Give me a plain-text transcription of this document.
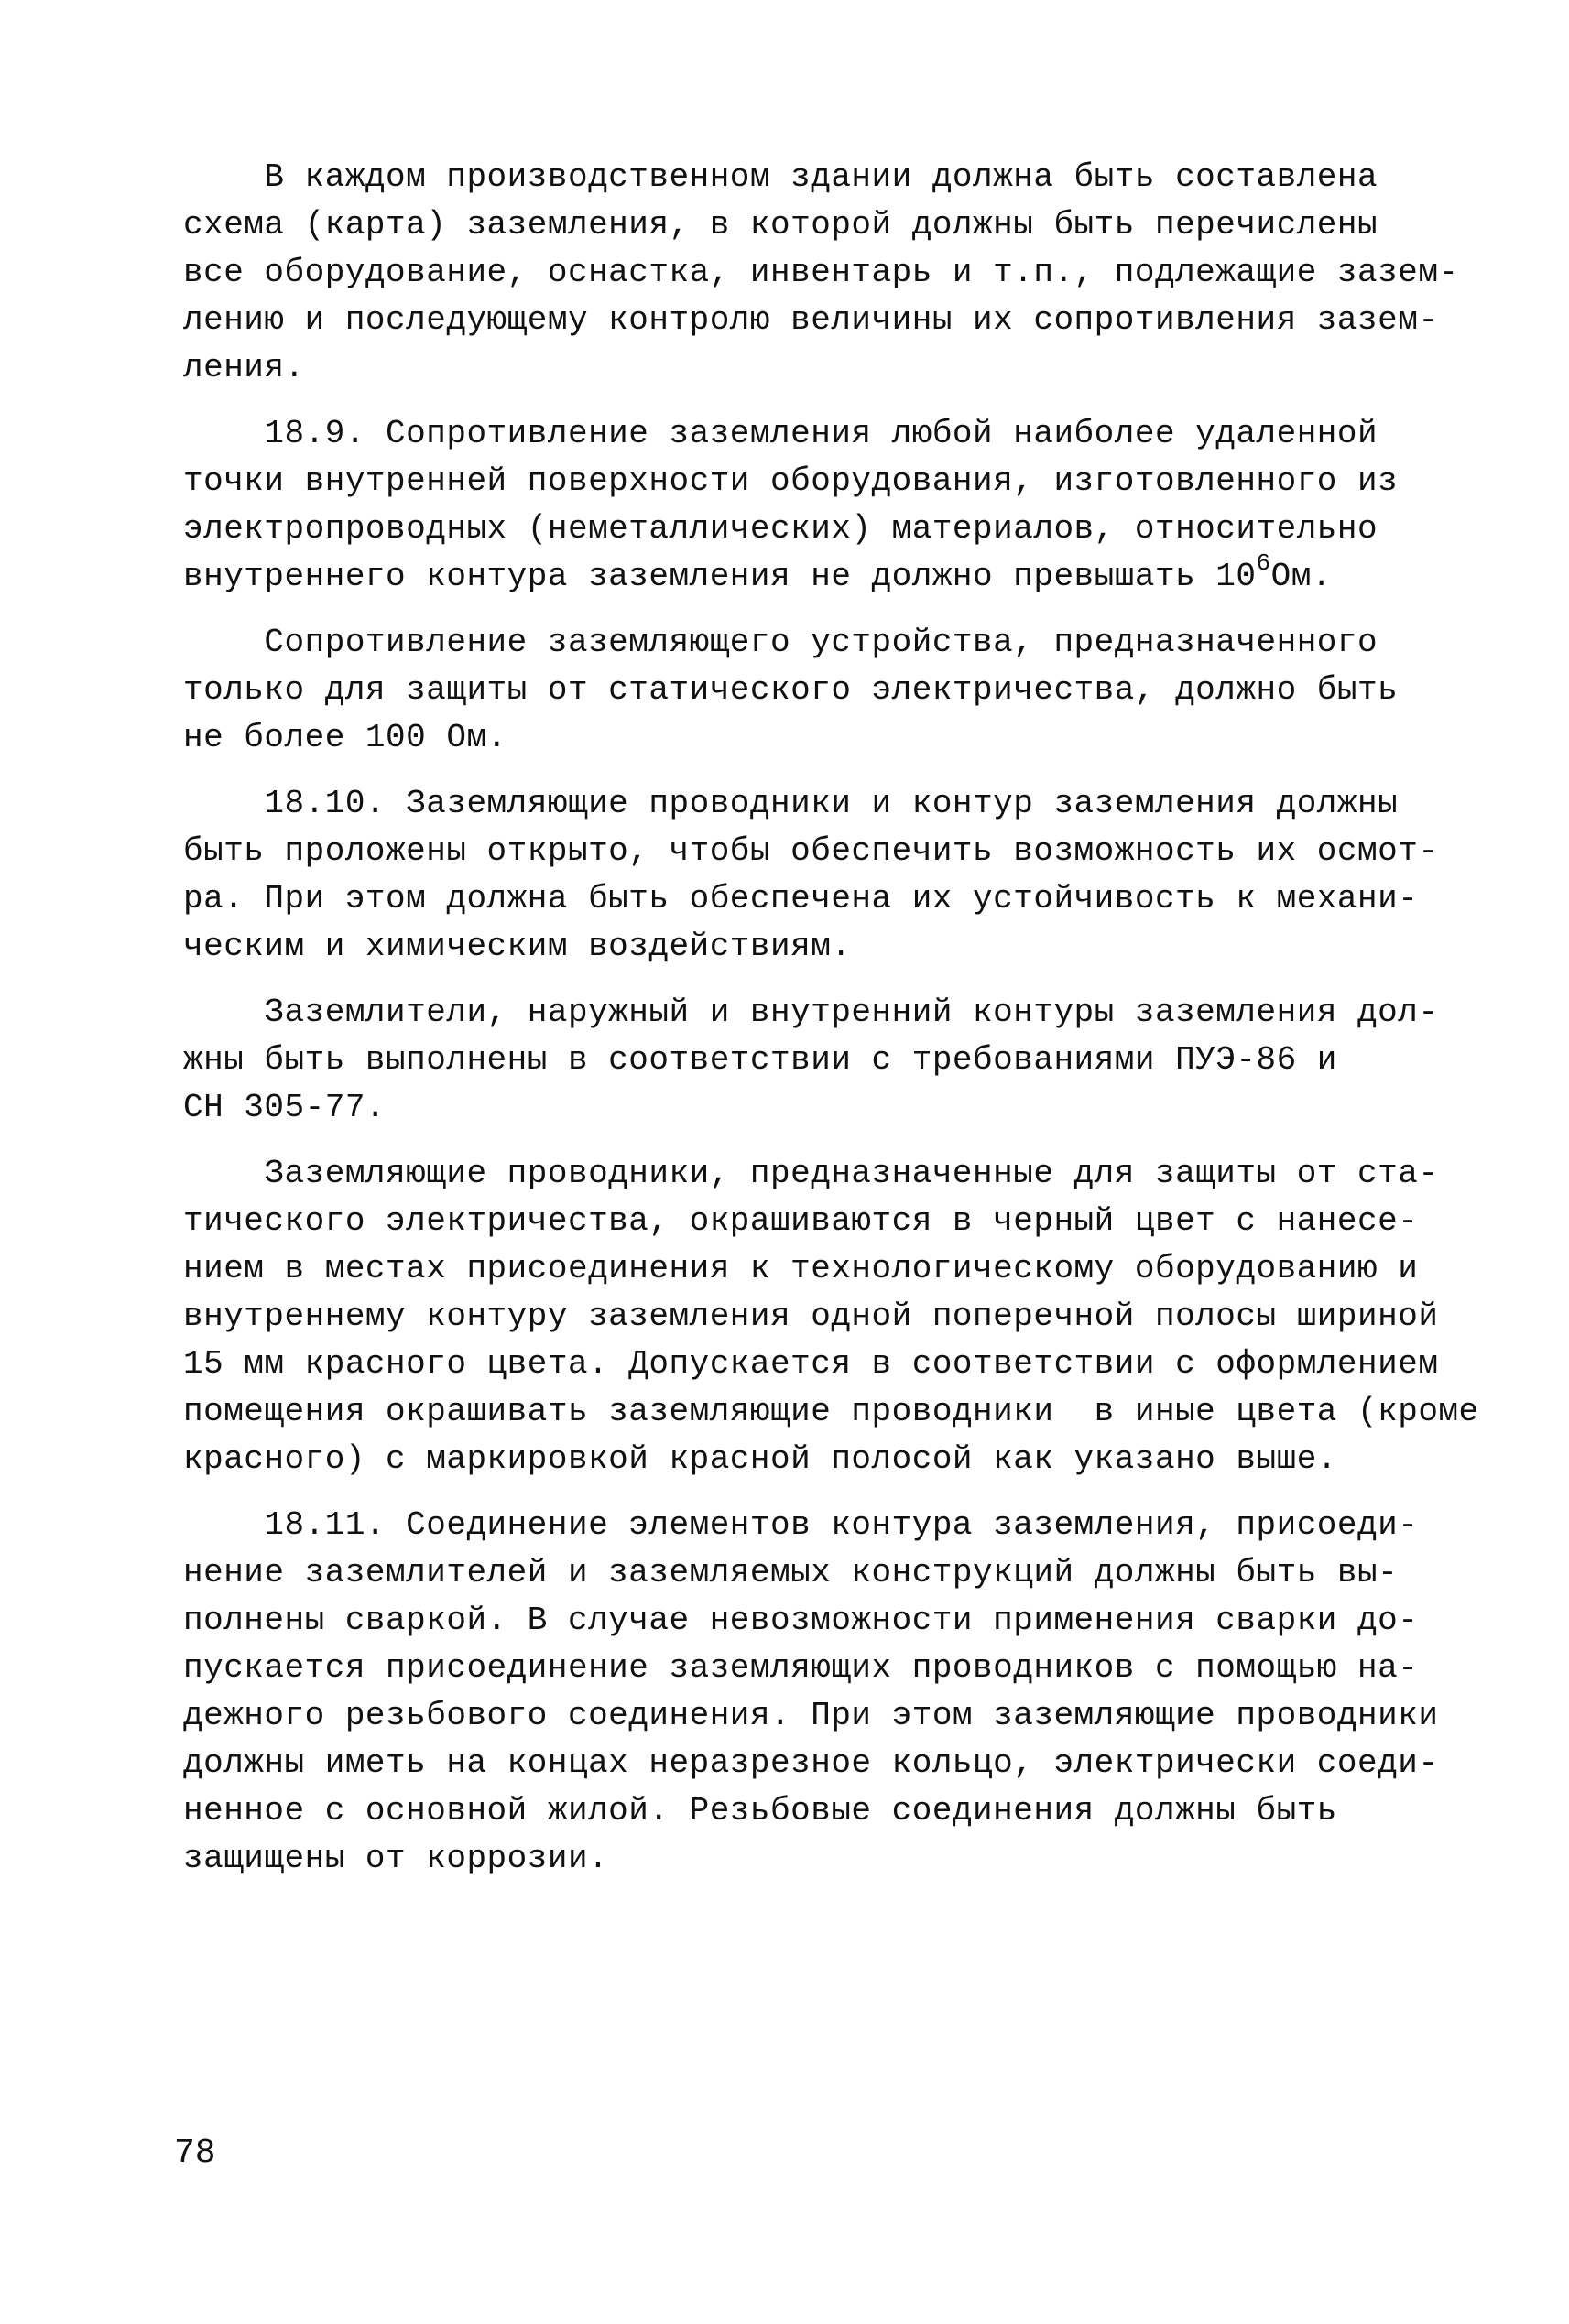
В каждом производственном здании должна быть составлена
схема (карта) заземления, в которой должны быть перечислены
все оборудование, оснастка, инвентарь и т.п., подлежащие зазем-
лению и последующему контролю величины их сопротивления зазем-
ления.
18.9. Сопротивление заземления любой наиболее удаленной
точки внутренней поверхности оборудования, изготовленного из
электропроводных (неметаллических) материалов, относительно
внутреннего контура заземления не должно превышать $10^6Ом$.
Сопротивление заземляющего устройства, предназначенного
только для защиты от статического электричества, должно быть
не более 100 Ом.
18.10. Заземляющие проводники и контур заземления должны
быть проложены открыто, чтобы обеспечить возможность их осмот-
ра. При этом должна быть обеспечена их устойчивость к механи-
ческим и химическим воздействиям.
Заземлители, наружный и внутренний контуры заземления дол-
жны быть выполнены в соответствии с требованиями ПУЭ-86 и
СН 305-77.
Заземляющие проводники, предназначенные для защиты от ста-
тического электричества, окрашиваются в черный цвет с нанесе-
нием в местах присоединения к технологическому оборудованию и
внутреннему контуру заземления одной поперечной полосы шириной
15 мм красного цвета. Допускается в соответствии с оформлением
помещения окрашивать заземляющие проводники  в иные цвета (кроме
красного) с маркировкой красной полосой как указано выше.
18.11. Соединение элементов контура заземления, присоеди-
нение заземлителей и заземляемых конструкций должны быть вы-
полнены сваркой. В случае невозможности применения сварки до-
пускается присоединение заземляющих проводников с помощью на-
дежного резьбового соединения. При этом заземляющие проводники
должны иметь на концах неразрезное кольцо, электрически соеди-
ненное с основной жилой. Резьбовые соединения должны быть
защищены от коррозии.
78
